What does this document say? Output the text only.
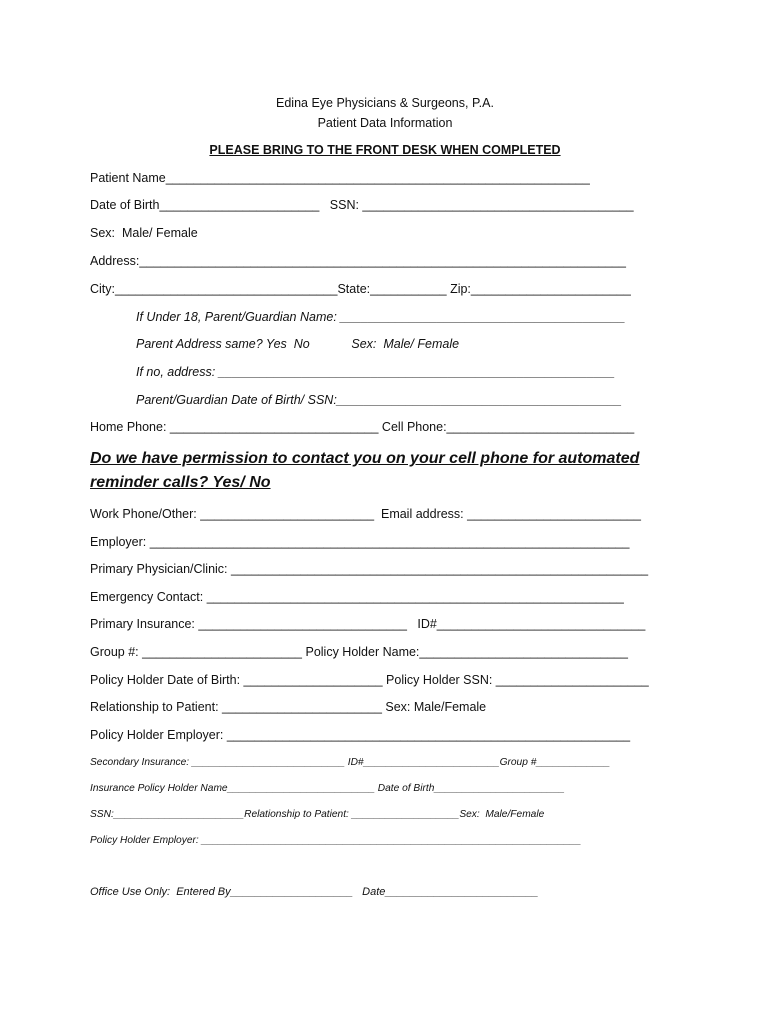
Edina Eye Physicians & Surgeons, P.A.
Patient Data Information
PLEASE BRING TO THE FRONT DESK WHEN COMPLETED
Patient Name_____________________________________________________________
Date of Birth_______________________   SSN: _______________________________________
Sex:  Male/ Female
Address:______________________________________________________________________
City:________________________________State:___________ Zip:_______________________
If Under 18, Parent/Guardian Name: _________________________________________
Parent Address same? Yes  No            Sex:  Male/ Female
If no, address: _________________________________________________________
Parent/Guardian Date of Birth/ SSN:_________________________________________
Home Phone: ______________________________ Cell Phone:___________________________
Do we have permission to contact you on your cell phone for automated
reminder calls? Yes/ No
Work Phone/Other: _________________________  Email address: _________________________
Employer: _____________________________________________________________________
Primary Physician/Clinic: ____________________________________________________________
Emergency Contact: ____________________________________________________________
Primary Insurance: ______________________________   ID#______________________________
Group #: _______________________ Policy Holder Name:______________________________
Policy Holder Date of Birth: ____________________ Policy Holder SSN: ______________________
Relationship to Patient: _______________________ Sex: Male/Female
Policy Holder Employer: __________________________________________________________
Secondary Insurance: ___________________________ ID#________________________Group #_____________
Insurance Policy Holder Name__________________________ Date of Birth_______________________
SSN:_______________________Relationship to Patient: ___________________Sex:  Male/Female
Policy Holder Employer: ___________________________________________________________________
Office Use Only:  Entered By____________________   Date_________________________
